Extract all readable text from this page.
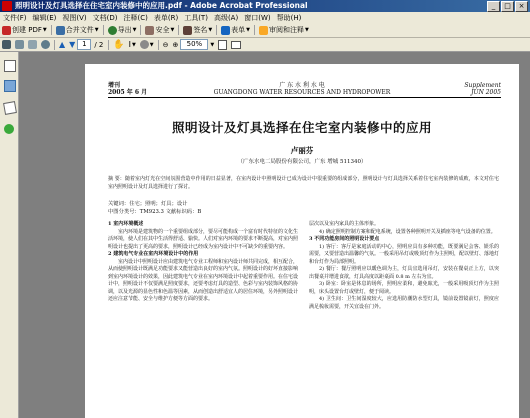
照明设计及灯具选择在住宅室内装修中的应用.pdf - Adobe Acrobat Professional	_	□	×
文件(F) 编辑(E) 视图(V) 文档(D) 注释(C) 表单(R) 工具(T) 高级(A) 窗口(W) 帮助(H)
创建 PDF ▼	合并文件 ▼	导出 ▼	安全 ▼	签名 ▼	表单 ▼	审阅和注释 ▼
▲ ▼ 1	/ 2	✋ I ▼	▼ ⊖ ⊕	50%	▼
增刊
2005 年 6 月
广 东 水 利 水 电
GUANGDONG WATER RESOURCES AND HYDROPOWER
Supplement
JUN 2005
照明设计及灯具选择在住宅室内装修中的应用
卢丽芬
（广东水电二局股份有限公司，广东 增城 511340）
摘 要：随着室内灯光在空间氛围营造中作用的日益显著，在室内设计中照明设计已成为设计中很重要的组成部分，照明设计与灯具选择关系着住宅室内装修的成败，本文对住宅室内照明设计及灯具选择进行了探讨。
关键词：住宅；照明；灯具；设计
中图分类号：TM923.3 文献标识码：B

1 室内环境概述

室内环境是建筑物的一个重要组成部分，要尽可能构成一个富有时代特征的文化生活环境，使人们在其中生活得舒适、愉快。人们对室内环境的要求不断提高，对室内照明设计也提出了更高的要求，照明设计已经成为室内设计中不可缺少的重要内容。

2 建筑电气专业在室内环境设计中的作用

室内设计中照明设计应由建筑电气专业工程师和室内设计师共同完成，相互配合，从而使照明设计既满足功能要求又能营造出良好的室内气氛。照明设计的好坏直接影响到室内环境设计的效果，因此建筑电气专业在室内环境设计中起着重要作用。在住宅设计中，照明设计不仅要满足照度要求，还要考虑灯具的造型、色彩与室内装饰风格的协调，以及光源的显色性和色温等因素，从而创造出舒适宜人的居住环境，另外照明设计还应注意节能、安全与维护方便等方面的要求。

层次以及室内家具的主体形象。

4) 确定照明控制方案和配电系统，设置各种照明开关及插座等电气设备的位置。

3 不同功能房间的照明设计要点

1) 客厅：客厅是家庭活动的中心，照明应具有多种功能，既要满足会客、娱乐的需要，又要营造出温馨的气氛。一般采用吊灯或吸顶灯作为主照明，配以壁灯、落地灯和台灯作为局部照明。

2) 餐厅：餐厅照明应以暖色调为主，灯具宜选用吊灯，安装在餐桌正上方，以突出餐桌并增进食欲，灯具高度以距桌面 0.8 m 左右为宜。

3) 卧室：卧室是休息的场所，照明应柔和，避免眩光，一般采用吸顶灯作为主照明，床头设置台灯或壁灯，便于阅读。

4) 卫生间：卫生间湿度较大，应选用防潮防水型灯具，镜前设置镜前灯，照度应满足梳妆需要，开关宜设在门外。
